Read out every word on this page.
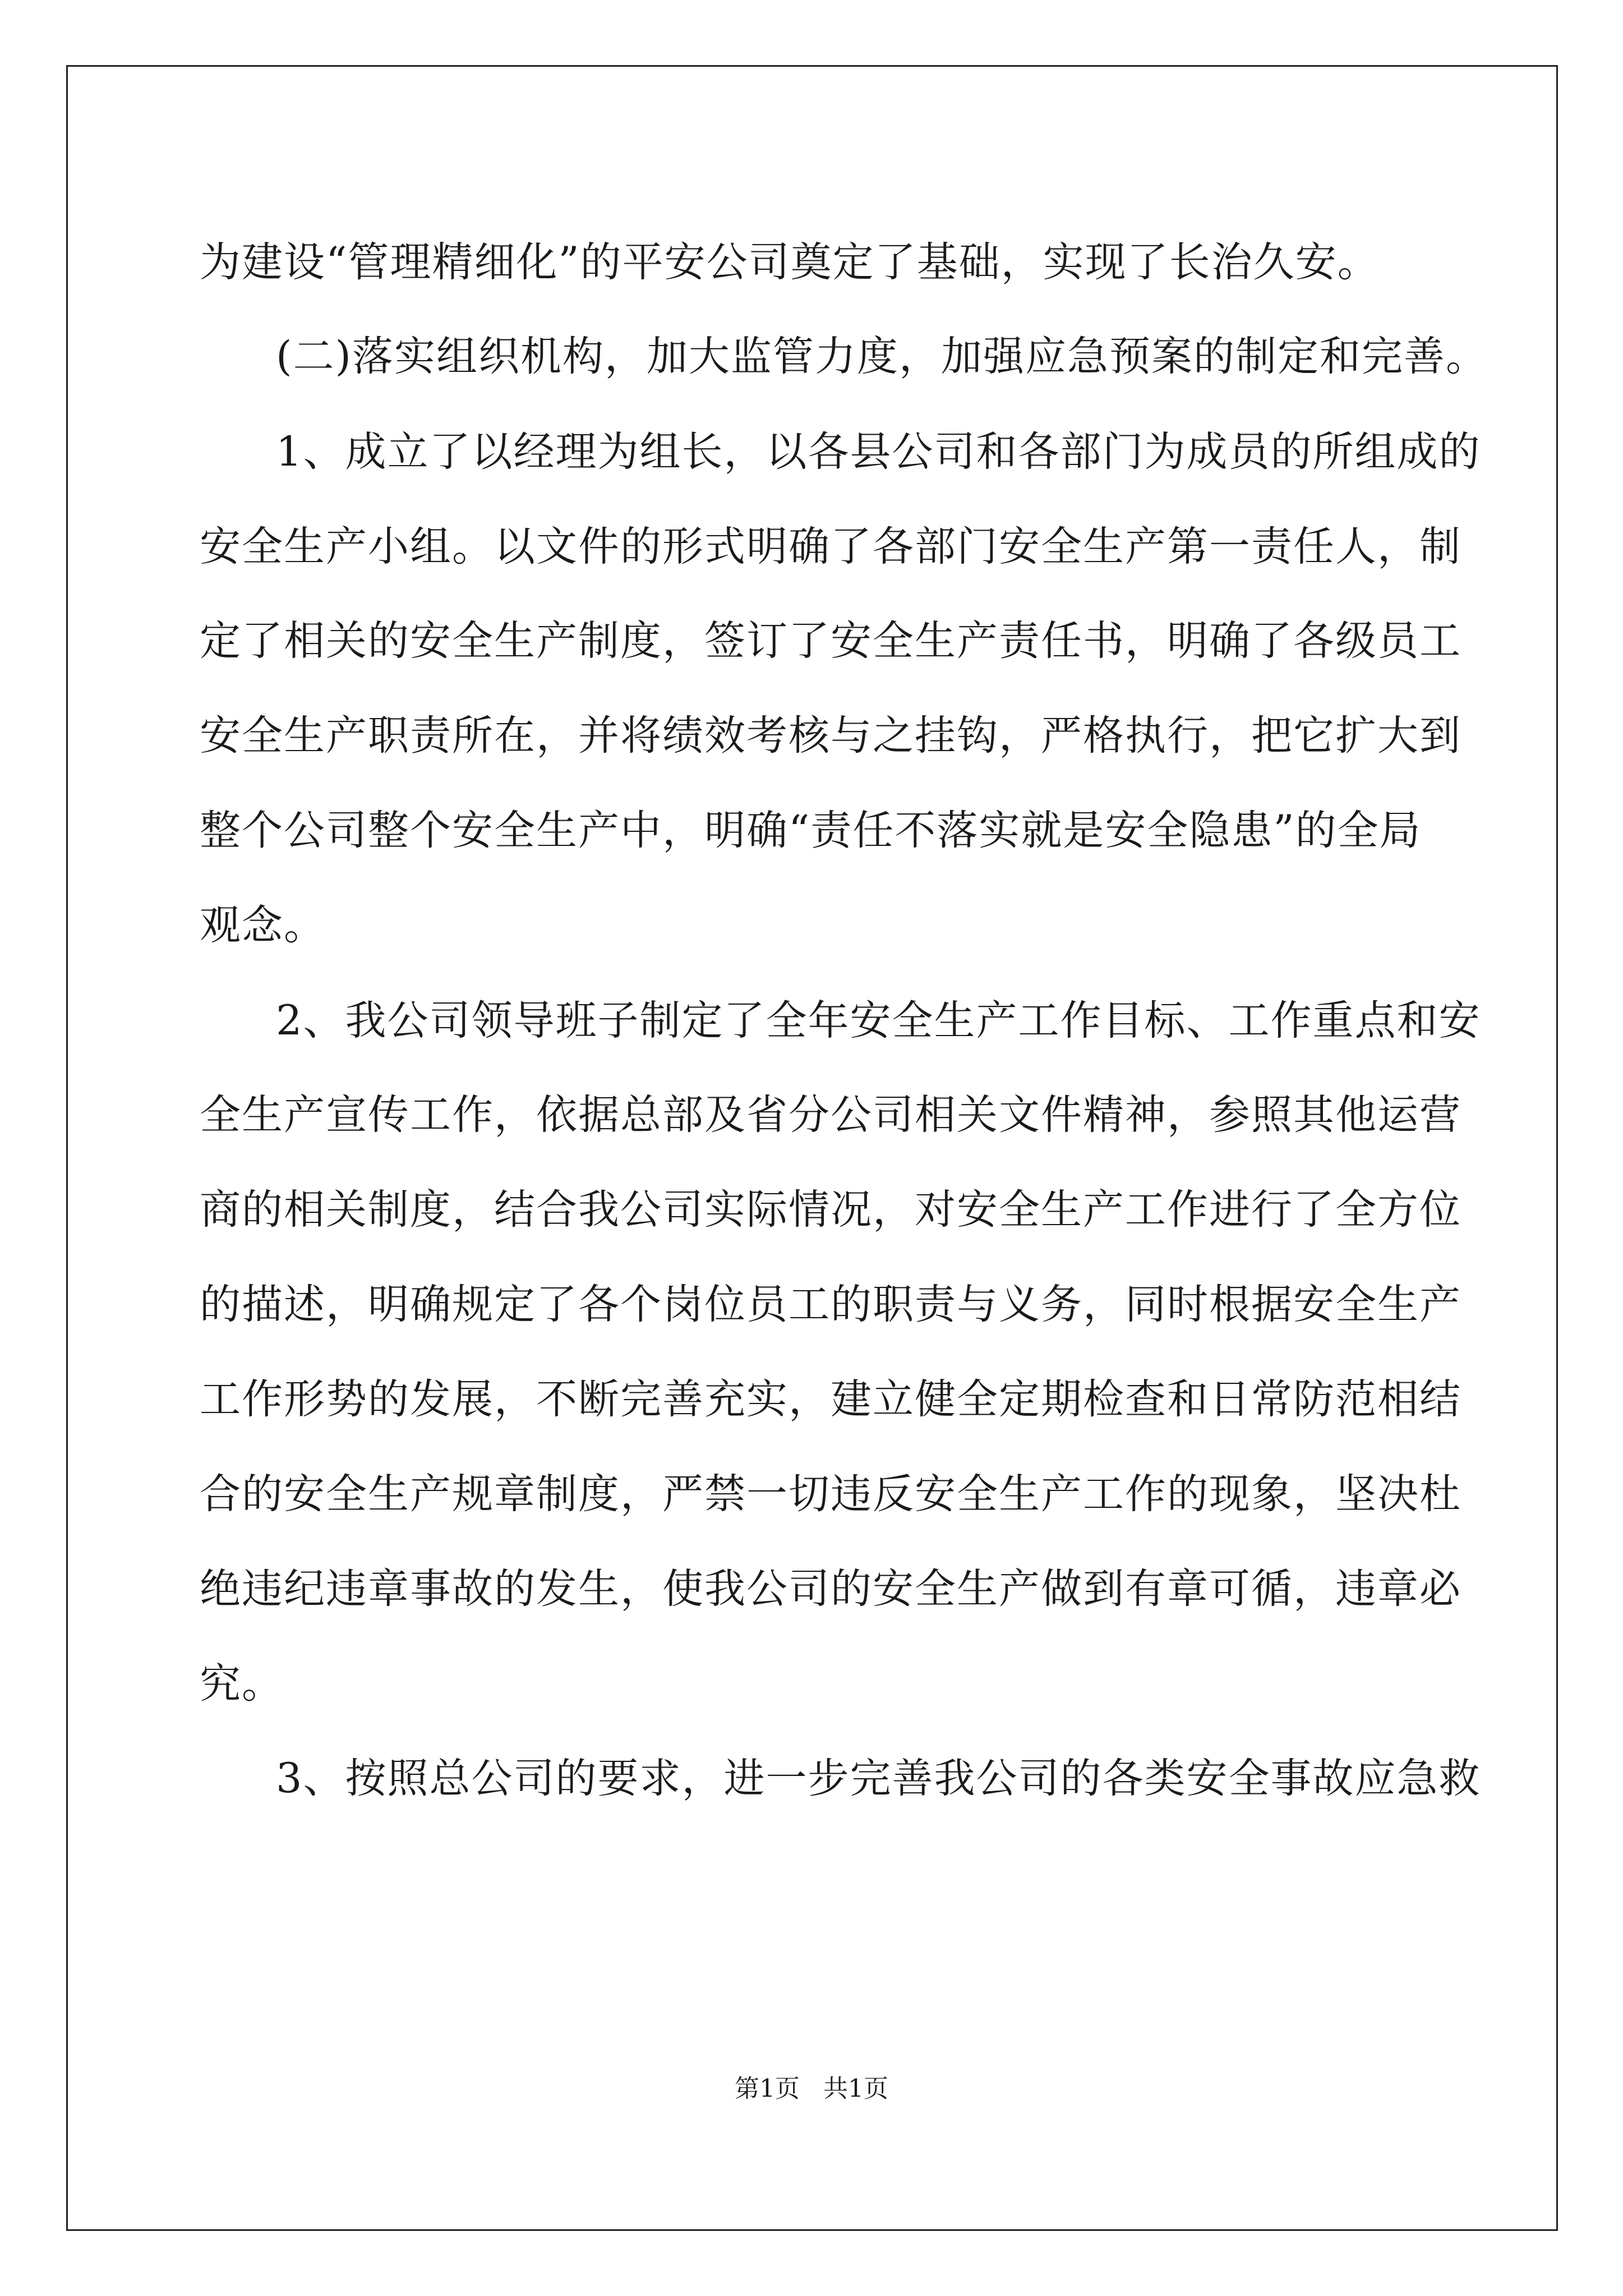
为建设“管理精细化”的平安公司奠定了基础，实现了长治久安。
(二)落实组织机构，加大监管力度，加强应急预案的制定和完善。
1、成立了以经理为组长，以各县公司和各部门为成员的所组成的
安全生产小组。以文件的形式明确了各部门安全生产第一责任人，制
定了相关的安全生产制度，签订了安全生产责任书，明确了各级员工
安全生产职责所在，并将绩效考核与之挂钩，严格执行，把它扩大到
整个公司整个安全生产中，明确“责任不落实就是安全隐患”的全局
观念。
2、我公司领导班子制定了全年安全生产工作目标、工作重点和安
全生产宣传工作，依据总部及省分公司相关文件精神，参照其他运营
商的相关制度，结合我公司实际情况，对安全生产工作进行了全方位
的描述，明确规定了各个岗位员工的职责与义务，同时根据安全生产
工作形势的发展，不断完善充实，建立健全定期检查和日常防范相结
合的安全生产规章制度，严禁一切违反安全生产工作的现象，坚决杜
绝违纪违章事故的发生，使我公司的安全生产做到有章可循，违章必
究。
3、按照总公司的要求，进一步完善我公司的各类安全事故应急救
第1页   共1页
